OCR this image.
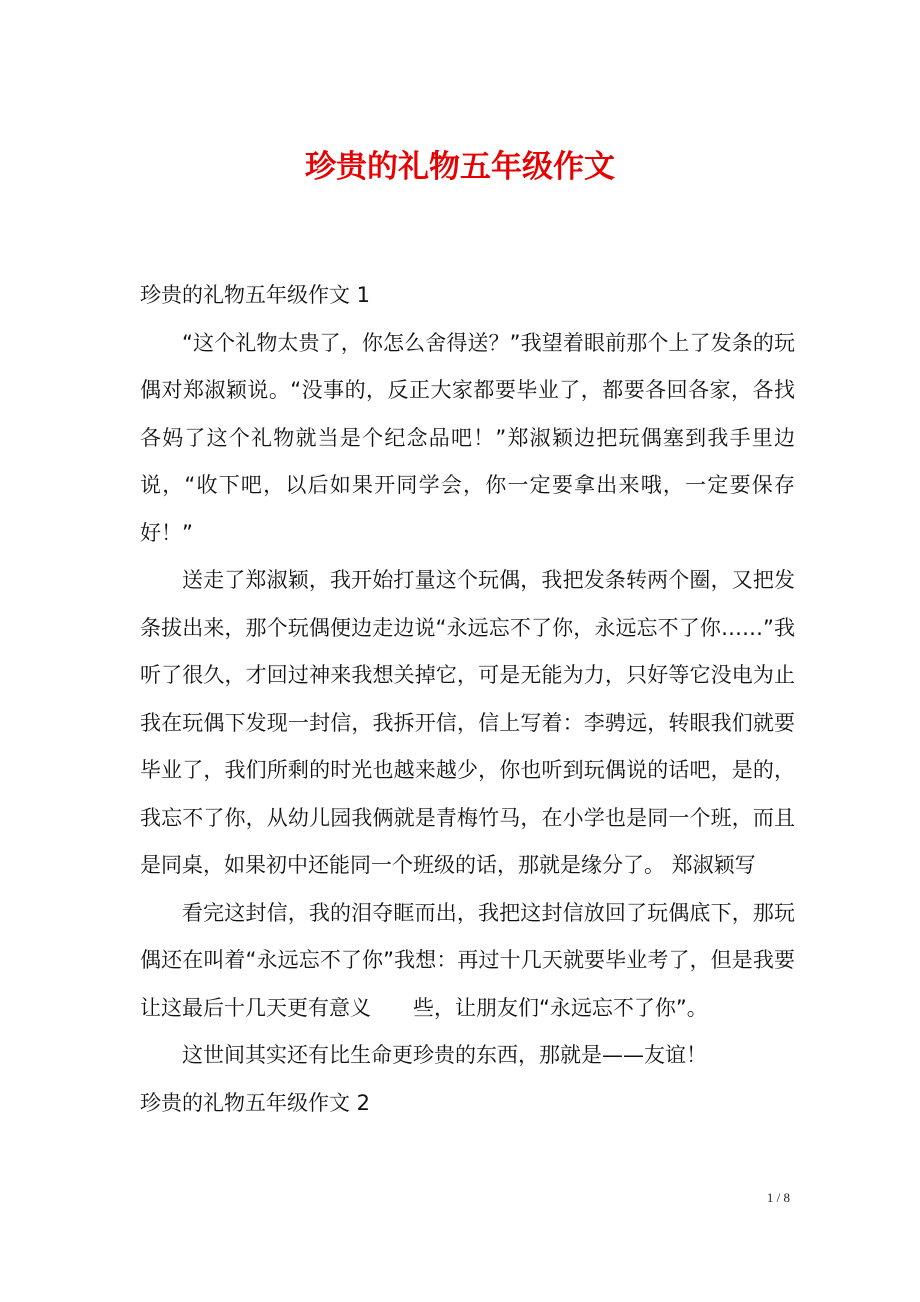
珍贵的礼物五年级作文

珍贵的礼物五年级作文 1

“这个礼物太贵了，你怎么舍得送？”我望着眼前那个上了发条的玩偶对郑淑颖说。“没事的，反正大家都要毕业了，都要各回各家，各找各妈了这个礼物就当是个纪念品吧！”郑淑颖边把玩偶塞到我手里边说，“收下吧，以后如果开同学会，你一定要拿出来哦，一定要保存好！”

送走了郑淑颖，我开始打量这个玩偶，我把发条转两个圈，又把发条拔出来，那个玩偶便边走边说“永远忘不了你，永远忘不了你……”我听了很久，才回过神来我想关掉它，可是无能为力，只好等它没电为止我在玩偶下发现一封信，我拆开信，信上写着：李骋远，转眼我们就要毕业了，我们所剩的时光也越来越少，你也听到玩偶说的话吧，是的，我忘不了你，从幼儿园我俩就是青梅竹马，在小学也是同一个班，而且是同桌，如果初中还能同一个班级的话，那就是缘分了。 郑淑颖写

看完这封信，我的泪夺眶而出，我把这封信放回了玩偶底下，那玩偶还在叫着“永远忘不了你”我想：再过十几天就要毕业考了，但是我要让这最后十几天更有意义　　些，让朋友们“永远忘不了你”。

这世间其实还有比生命更珍贵的东西，那就是——友谊！

珍贵的礼物五年级作文 2

1 / 8
